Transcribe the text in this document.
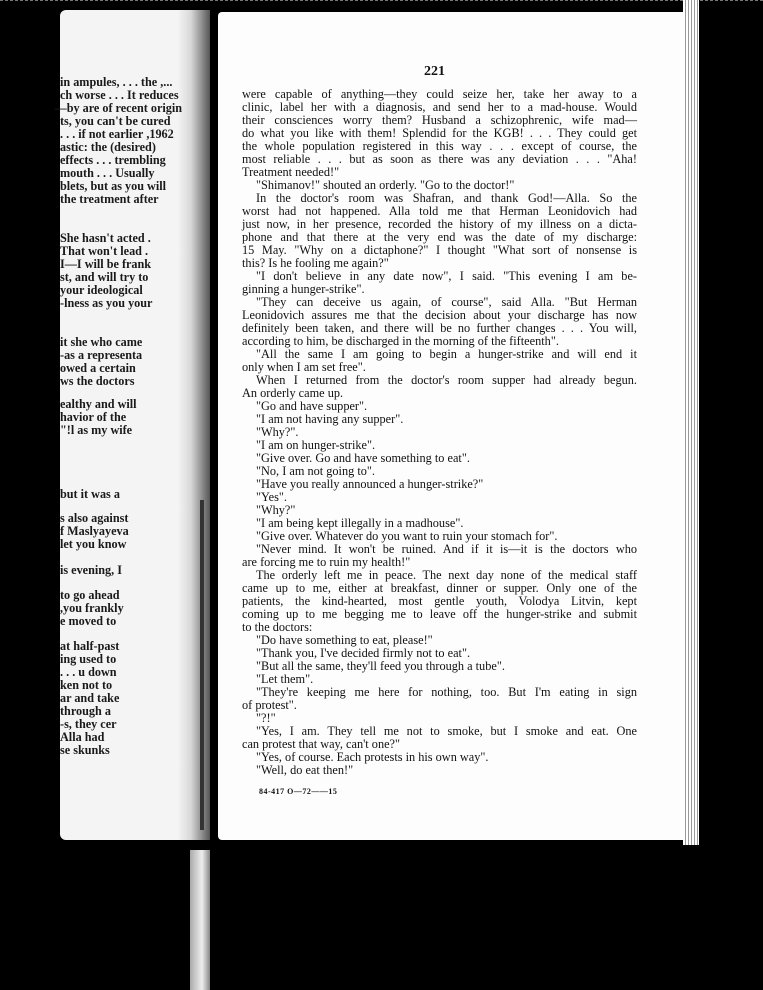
..., in ampules, . . . the
ch worse . . . It reduces
by are of recent origin—
ts, you can't be cured
1962, if not earlier . . .
astic: the (desired)
effects . . . trembling
mouth . . . Usually
blets, but as you will
the treatment after
. She hasn't acted
. That won't lead
I—I will be frank
st, and will try to
your ideological
lness as you your-
it she who came
as a representa-
owed a certain
ws the doctors
ealthy and will
havior of the
l as my wife!"
but it was a
s also against
f Maslyayeva
let you know
is evening, I
to go ahead
you frankly,
e moved to
at half-past
ing used to
u down . . .
ken not to
ar and take
through a
s, they cer-
Alla had
se skunks
221
were capable of anything—they could seize her, take her away to a
clinic, label her with a diagnosis, and send her to a mad-house. Would
their consciences worry them? Husband a schizophrenic, wife mad—
do what you like with them! Splendid for the KGB! . . . They could get
the whole population registered in this way . . . except of course, the
most reliable . . . but as soon as there was any deviation . . . "Aha!
Treatment needed!"
"Shimanov!" shouted an orderly. "Go to the doctor!"
In the doctor's room was Shafran, and thank God!—Alla. So the
worst had not happened. Alla told me that Herman Leonidovich had
just now, in her presence, recorded the history of my illness on a dicta-
phone and that there at the very end was the date of my discharge:
15 May. "Why on a dictaphone?" I thought "What sort of nonsense is
this? Is he fooling me again?"
"I don't believe in any date now", I said. "This evening I am be-
ginning a hunger-strike".
"They can deceive us again, of course", said Alla. "But Herman
Leonidovich assures me that the decision about your discharge has now
definitely been taken, and there will be no further changes . . . You will,
according to him, be discharged in the morning of the fifteenth".
"All the same I am going to begin a hunger-strike and will end it
only when I am set free".
When I returned from the doctor's room supper had already begun.
An orderly came up.
"Go and have supper".
"I am not having any supper".
"Why?".
"I am on hunger-strike".
"Give over. Go and have something to eat".
"No, I am not going to".
"Have you really announced a hunger-strike?"
"Yes".
"Why?"
"I am being kept illegally in a madhouse".
"Give over. Whatever do you want to ruin your stomach for".
"Never mind. It won't be ruined. And if it is—it is the doctors who
are forcing me to ruin my health!"
The orderly left me in peace. The next day none of the medical staff
came up to me, either at breakfast, dinner or supper. Only one of the
patients, the kind-hearted, most gentle youth, Volodya Litvin, kept
coming up to me begging me to leave off the hunger-strike and submit
to the doctors:
"Do have something to eat, please!"
"Thank you, I've decided firmly not to eat".
"But all the same, they'll feed you through a tube".
"Let them".
"They're keeping me here for nothing, too. But I'm eating in sign
of protest".
"?!"
"Yes, I am. They tell me not to smoke, but I smoke and eat. One
can protest that way, can't one?"
"Yes, of course. Each protests in his own way".
"Well, do eat then!"
84-417 O—72——15
